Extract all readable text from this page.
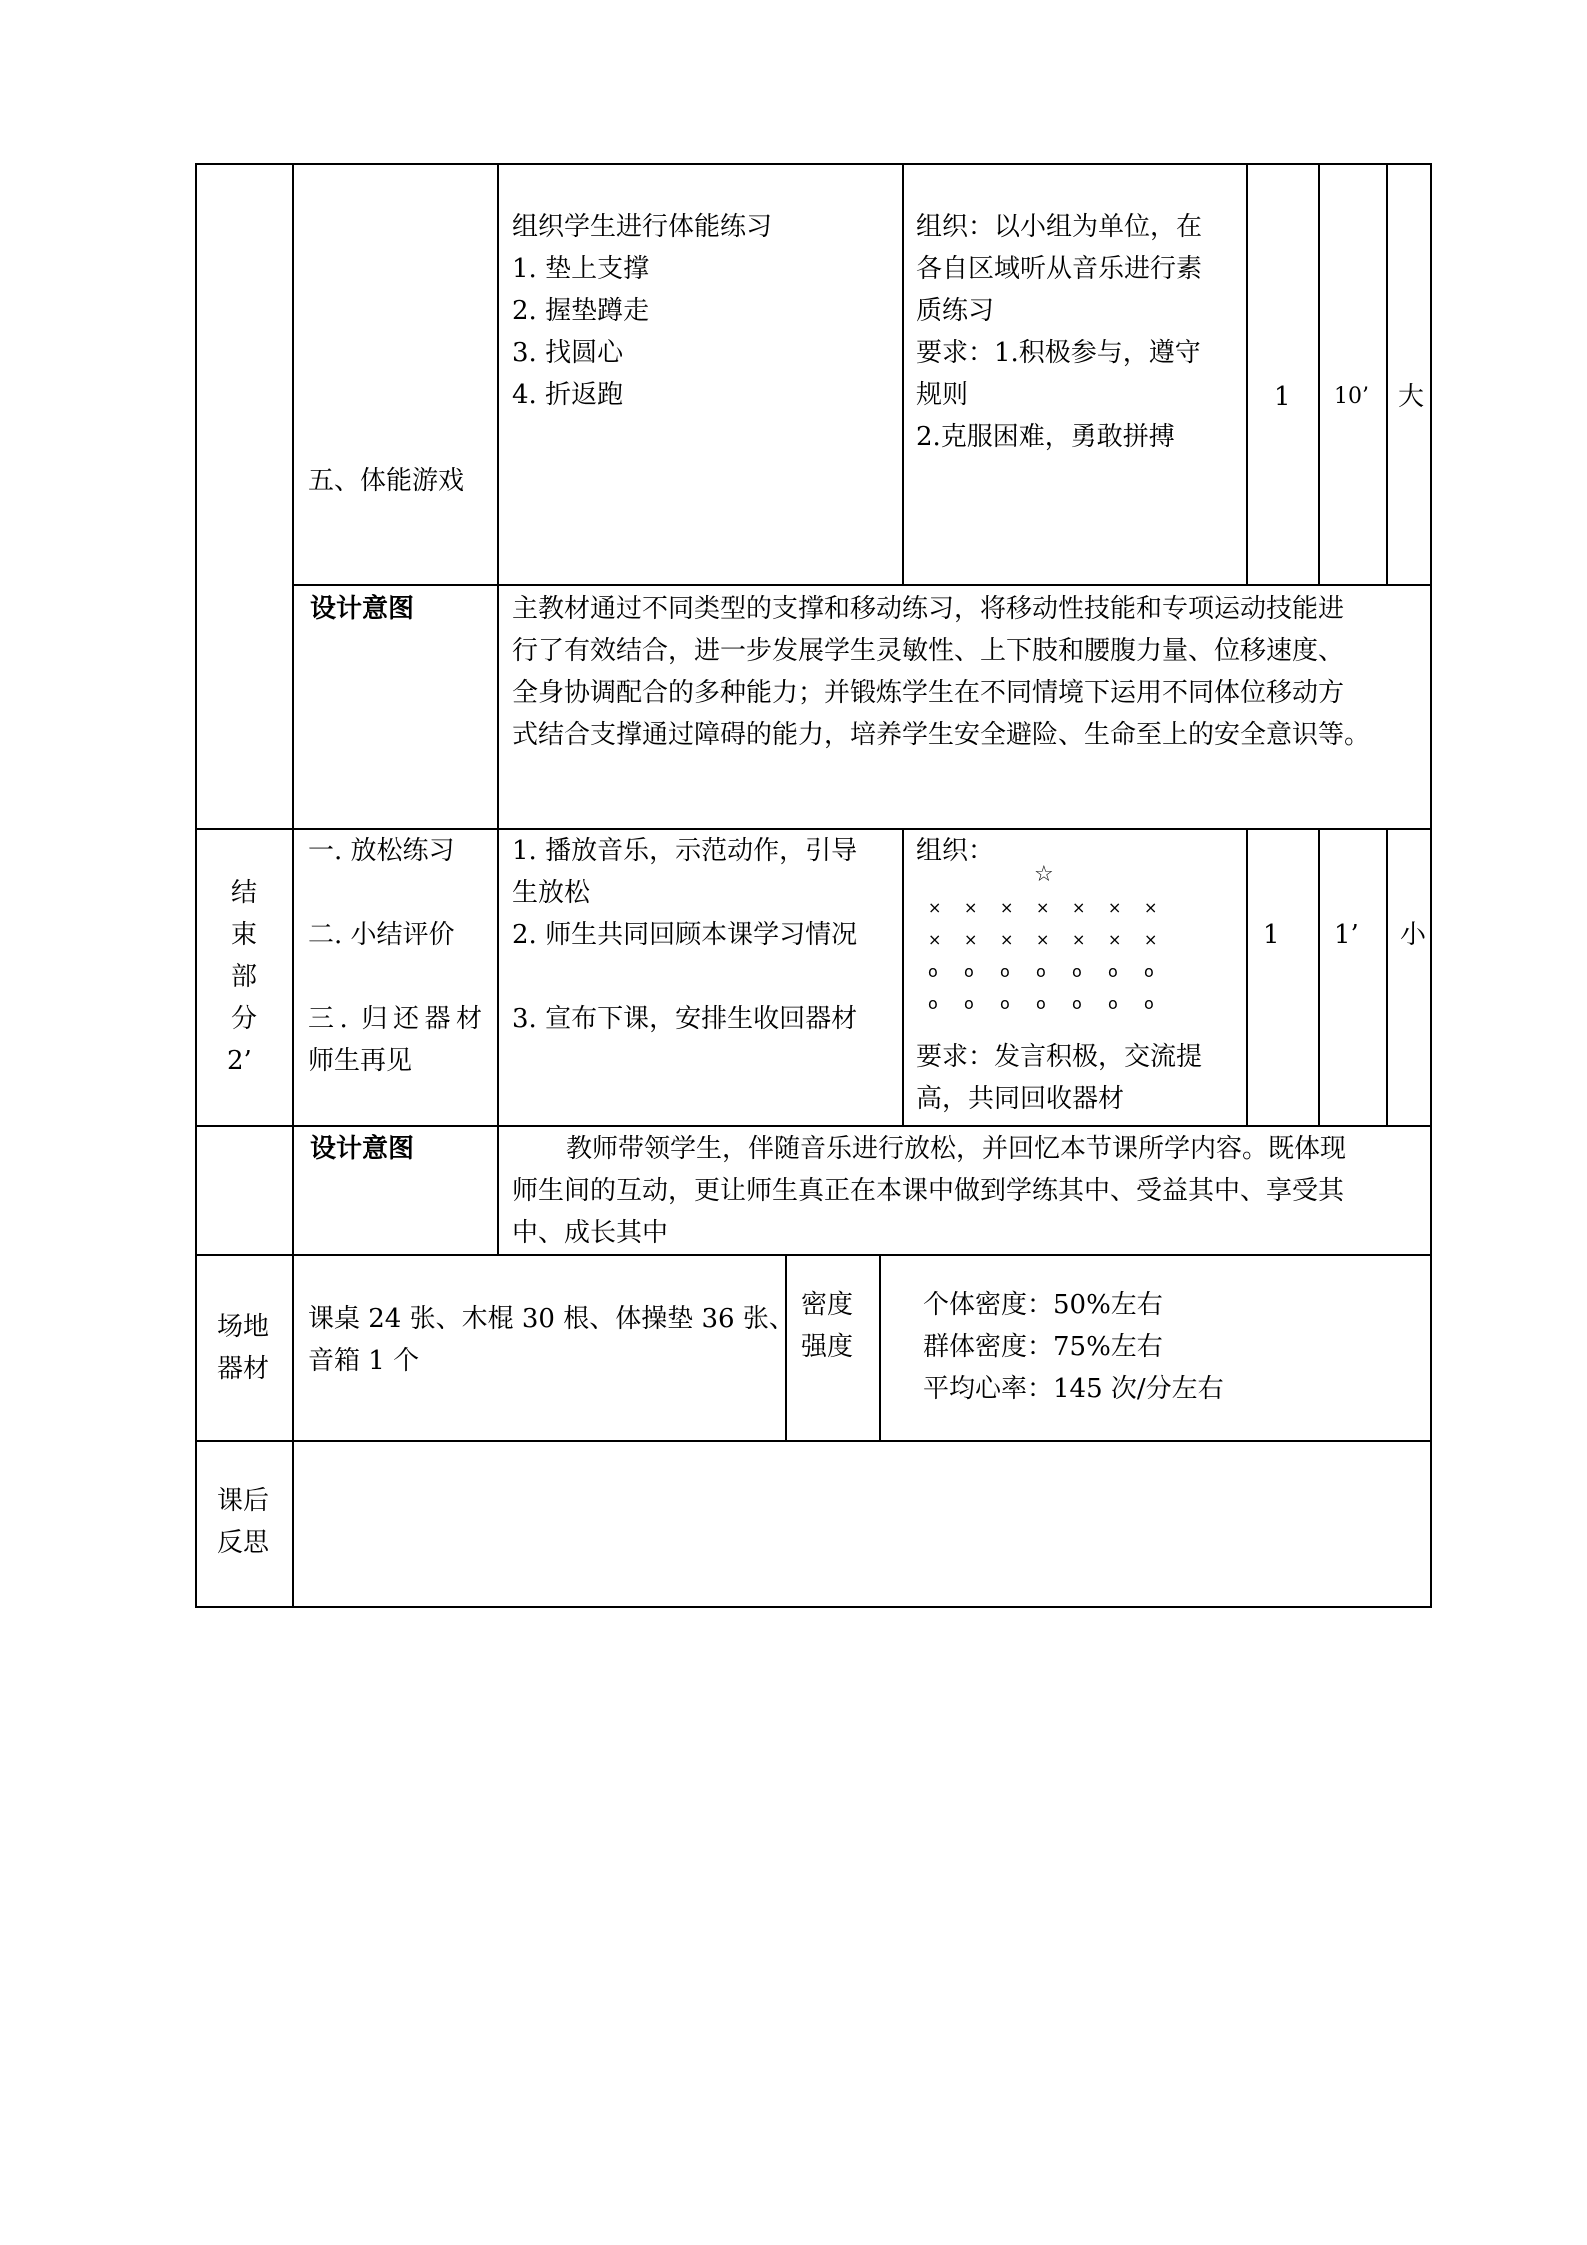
五、体能游戏
组织学生进行体能练习
1. 垫上支撑
2. 握垫蹲走
3. 找圆心
4. 折返跑
组织：以小组为单位，在
各自区域听从音乐进行素
质练习
要求：1.积极参与，遵守
规则
2.克服困难，勇敢拼搏
1 10’ 大
设计意图	主教材通过不同类型的支撑和移动练习，将移动性技能和专项运动技能进
行了有效结合，进一步发展学生灵敏性、上下肢和腰腹力量、位移速度、
全身协调配合的多种能力；并锻炼学生在不同情境下运用不同体位移动方
式结合支撑通过障碍的能力，培养学生安全避险、生命至上的安全意识等。
结
束
部
分
2’
一. 放松练习
二. 小结评价
三. 归还器材
师生再见
1. 播放音乐，示范动作，引导
生放松
2. 师生共同回顾本课学习情况
3. 宣布下课，安排生收回器材
组织：
☆
× × × × × × ×
× × × × × × ×
o o o o o o o
o o o o o o o
要求：发言积极，交流提
高，共同回收器材
1 1’ 小
设计意图	教师带领学生，伴随音乐进行放松，并回忆本节课所学内容。既体现
师生间的互动，更让师生真正在本课中做到学练其中、受益其中、享受其
中、成长其中
场地
器材
课桌 24 张、木棍 30 根、体操垫 36 张、
音箱 1 个
密度
强度
个体密度：50%左右
群体密度：75%左右
平均心率：145 次/分左右
课后
反思
